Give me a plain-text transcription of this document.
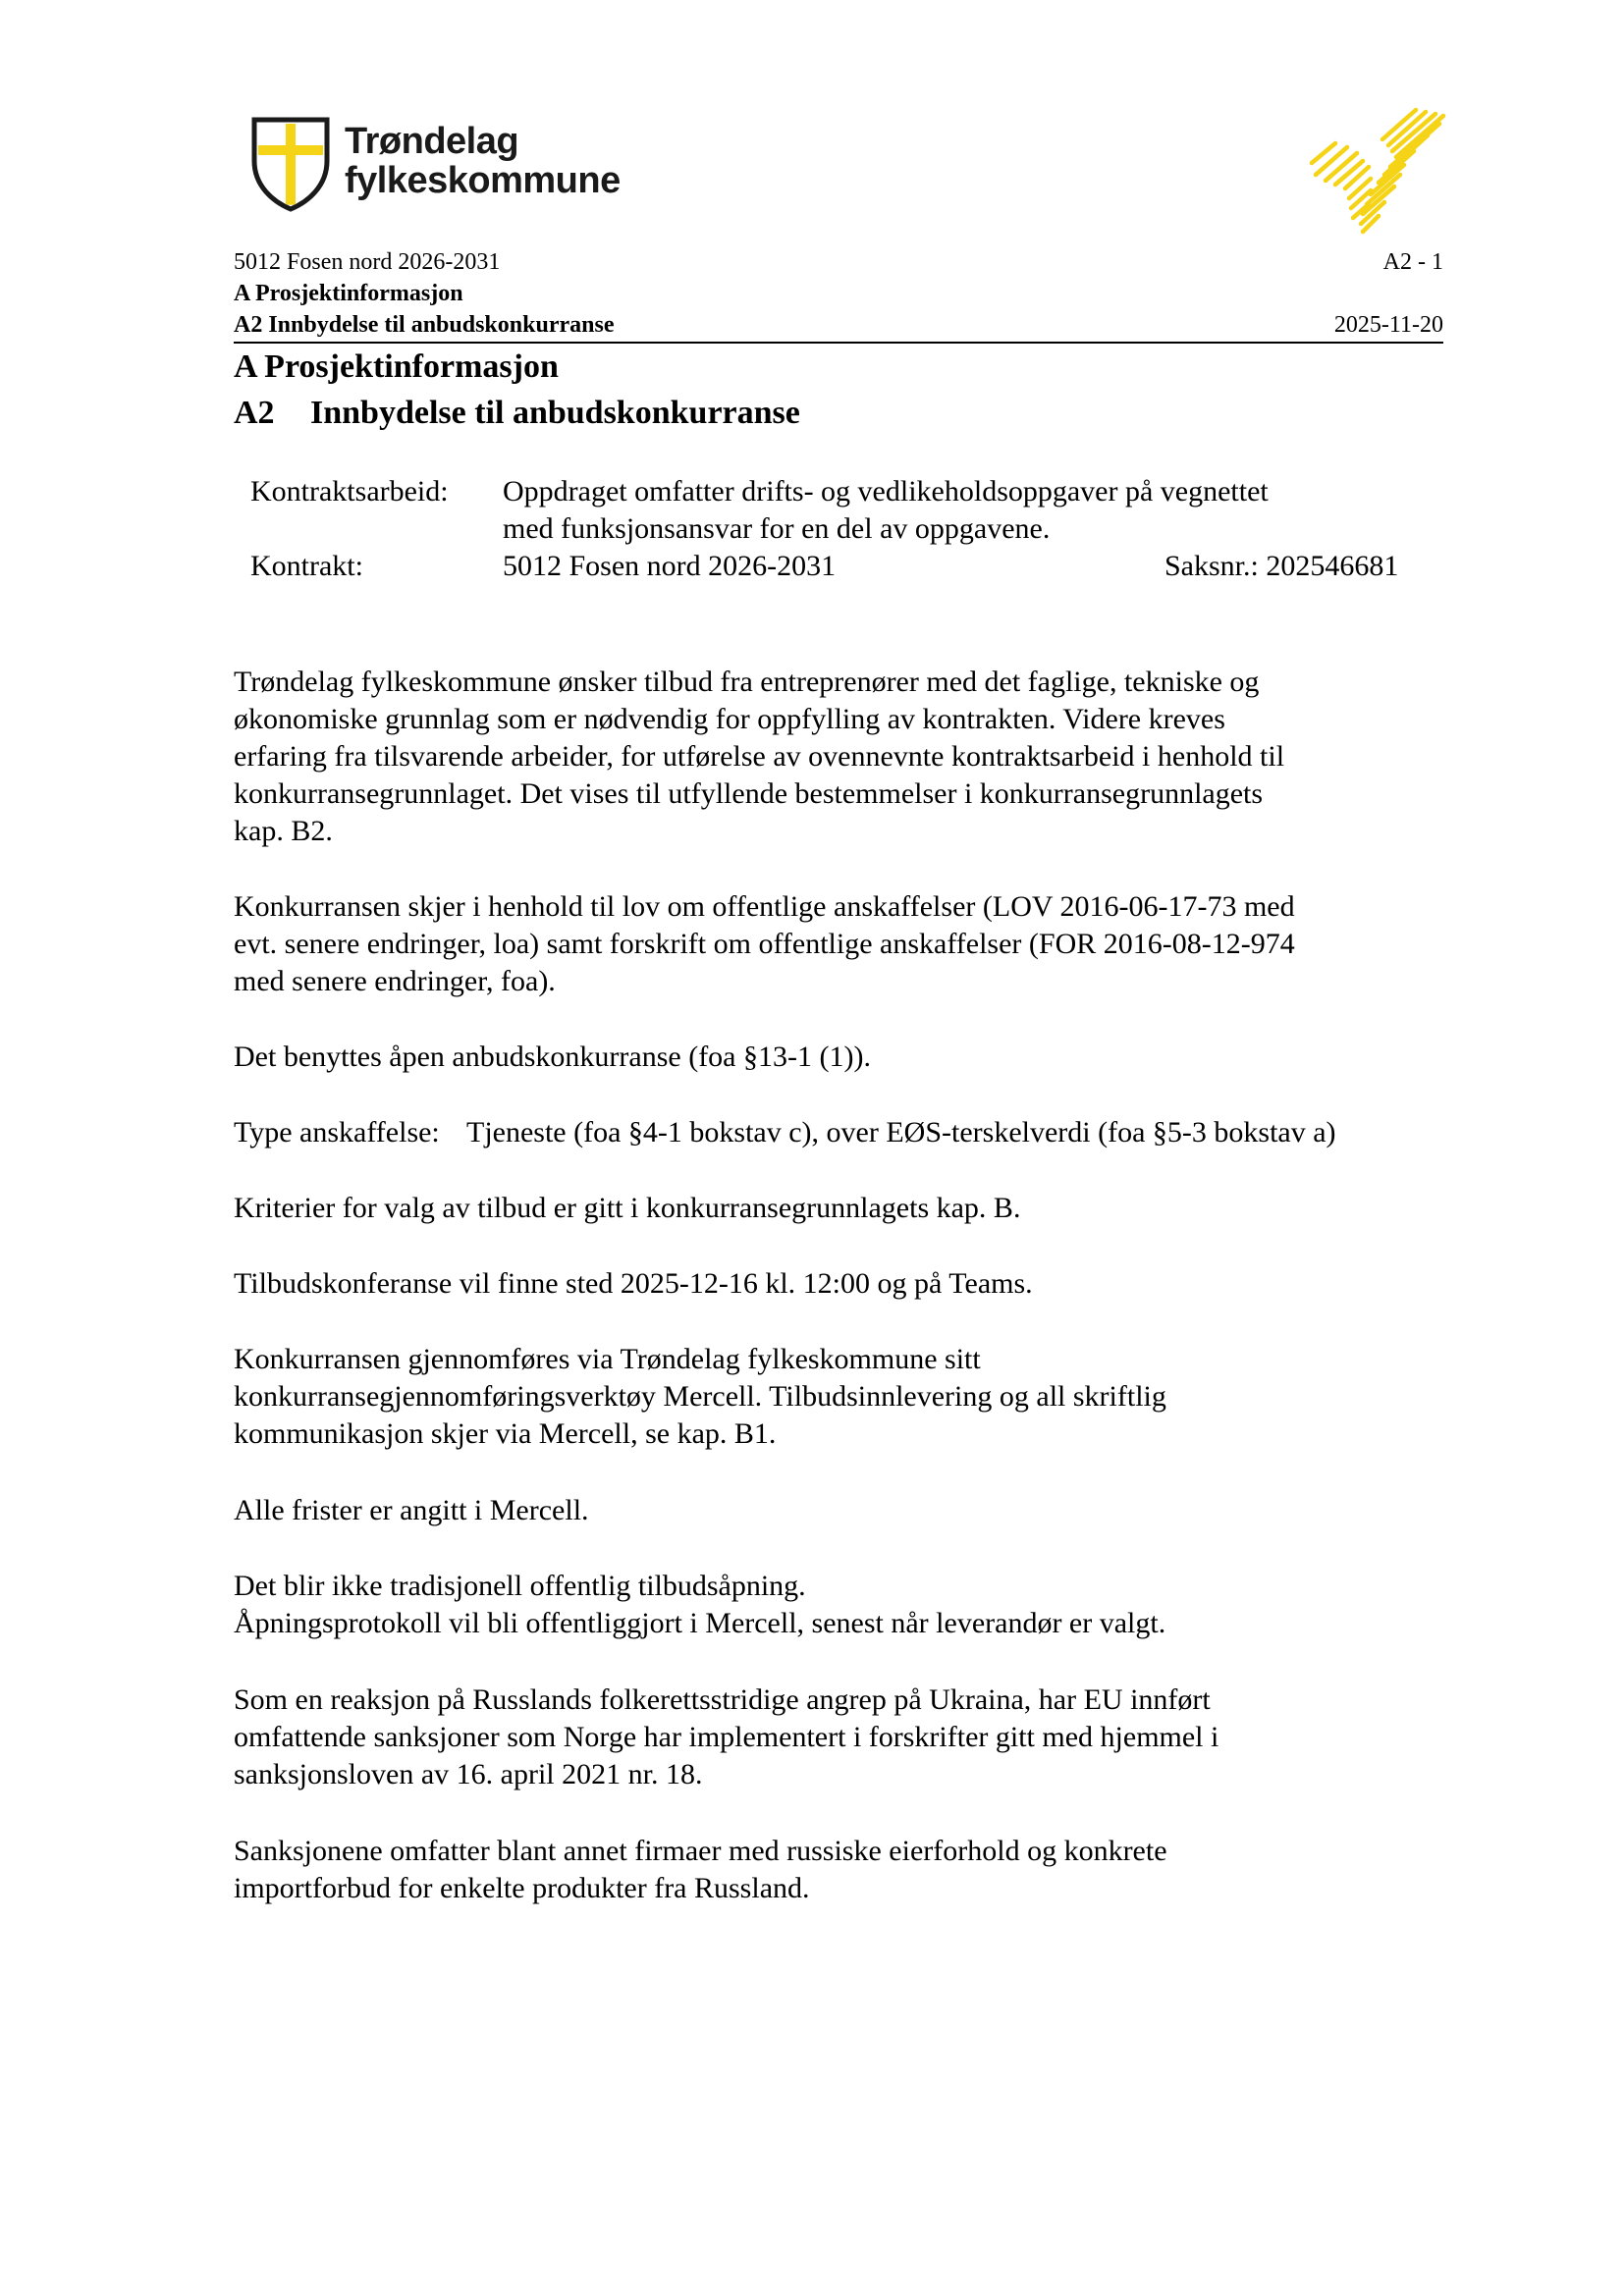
Trøndelag
fylkeskommune
5012 Fosen nord 2026-2031	A2 - 1
A Prosjektinformasjon
A2 Innbydelse til anbudskonkurranse	2025-11-20
A Prosjektinformasjon
A2 Innbydelse til anbudskonkurranse
Kontraktsarbeid: Oppdraget omfatter drifts- og vedlikeholdsoppgaver på vegnettet
med funksjonsansvar for en del av oppgavene.
Kontrakt:	5012 Fosen nord 2026-2031	Saksnr.: 202546681
Trøndelag fylkeskommune ønsker tilbud fra entreprenører med det faglige, tekniske og
økonomiske grunnlag som er nødvendig for oppfylling av kontrakten. Videre kreves
erfaring fra tilsvarende arbeider, for utførelse av ovennevnte kontraktsarbeid i henhold til
konkurransegrunnlaget. Det vises til utfyllende bestemmelser i konkurransegrunnlagets
kap. B2.
Konkurransen skjer i henhold til lov om offentlige anskaffelser (LOV 2016-06-17-73 med
evt. senere endringer, loa) samt forskrift om offentlige anskaffelser (FOR 2016-08-12-974
med senere endringer, foa).
Det benyttes åpen anbudskonkurranse (foa §13-1 (1)).
Type anskaffelse: Tjeneste (foa §4-1 bokstav c), over EØS-terskelverdi (foa §5-3 bokstav a)
Kriterier for valg av tilbud er gitt i konkurransegrunnlagets kap. B.
Tilbudskonferanse vil finne sted 2025-12-16 kl. 12:00 og på Teams.
Konkurransen gjennomføres via Trøndelag fylkeskommune sitt
konkurransegjennomføringsverktøy Mercell. Tilbudsinnlevering og all skriftlig
kommunikasjon skjer via Mercell, se kap. B1.
Alle frister er angitt i Mercell.
Det blir ikke tradisjonell offentlig tilbudsåpning.
Åpningsprotokoll vil bli offentliggjort i Mercell, senest når leverandør er valgt.
Som en reaksjon på Russlands folkerettsstridige angrep på Ukraina, har EU innført
omfattende sanksjoner som Norge har implementert i forskrifter gitt med hjemmel i
sanksjonsloven av 16. april 2021 nr. 18.
Sanksjonene omfatter blant annet firmaer med russiske eierforhold og konkrete
importforbud for enkelte produkter fra Russland.
